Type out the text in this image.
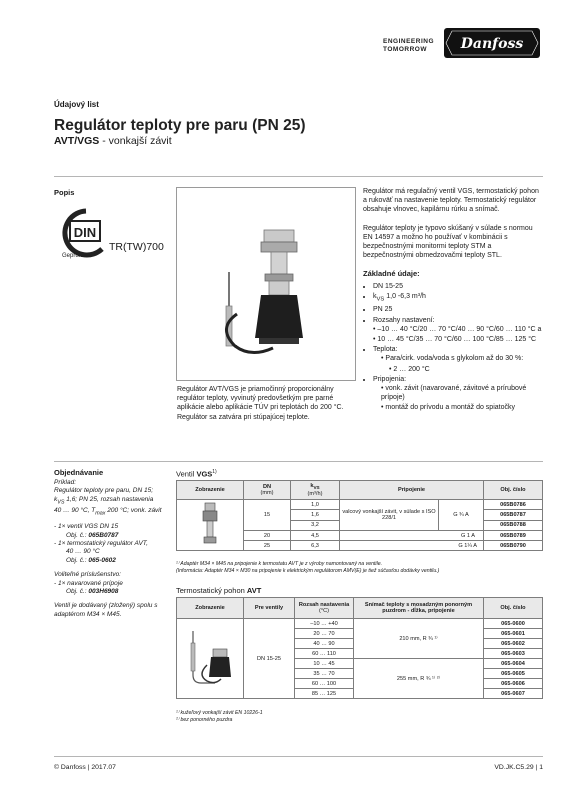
ENGINEERING
TOMORROW	Danfoss
Údajový list
Regulátor teploty pre paru (PN 25)
AVT/VGS - vonkajší závit
Popis
DIN
Geprüft
TR(TW)700
Regulátor AVT/VGS je priamočinný proporcionálny regulátor teploty, vyvinutý predovšetkým pre parné aplikácie alebo aplikácie TÚV pri teplotách do 200 °C. Regulátor sa zatvára pri stúpajúcej teplote.

Regulátor má regulačný ventil VGS, termostatický pohon a rukoväť na nastavenie teploty. Termostatický regulátor obsahuje vlnovec, kapilárnu rúrku a snímač.

Regulátor teploty je typovo skúšaný v súlade s normou EN 14597 a možno ho používať v kombinácii s bezpečnostnými monitormi teploty STM a bezpečnostnými obmedzovačmi teploty STL.

Základné údaje:
• DN 15-25
• $k_{VS}$ 1,0 -6,3 m³/h
• PN 25
• Rozsahy nastavení:
• –10 … 40 °C/20 … 70 °C/40 … 90 °C/60 … 110 °C a
• 10 … 45 °C/35 … 70 °C/60 … 100 °C/85 … 125 °C
• Teplota:
• Para/cirk. voda/voda s glykolom až do 30 %:
• 2 … 200 °C
• Pripojenia:
• vonk. závit (navarované, závitové a prírubové prípoje)
• montáž do prívodu a montáž do spiatočky
Objednávanie

Príklad:
Regulátor teploty pre paru, DN 15;
$k_{VS}$ 1,6; PN 25, rozsah nastavenia 40 … 90 °C, $T_{max}$ 200 °C; vonk. závit

- 1× ventil VGS DN 15
Obj. č.: 065B0787
- 1× termostatický regulátor AVT,
40 … 90 °C
Obj. č.: 065-0602

Voliteľné príslušenstvo:
- 1× navarované prípoje
Obj. č.: 003H6908

Ventil je dodávaný (zložený) spolu s adaptérom M34 × M45.

Ventil VGS$^{1)}$
Zobrazenie	DN
(mm)	$k_{VS}$
(m³/h)	Pripojenie	Obj. číslo
	15	1,0	valcový vonkajší závit, v súlade s ISO 228/1 G ¾ A	065B0786
		1,6		065B0787
		3,2		065B0788
	20	4,5	G 1 A	065B0789
	25	6,3	G 1¼ A	065B0790
¹⁾ Adaptér M34 × M45 na pripojenie k termostatu AVT je z výroby namontovaný na ventile.
(Informácia: Adaptér M34 × M30 na pripojenie k elektrickým regulátorom AMV(E) je tiež súčasťou dodávky ventilu.)
Termostatický pohon AVT
Zobrazenie	Pre ventily	Rozsah nastavenia
(°C)	Snímač teploty s mosadzným ponorným puzdrom - dĺžka, pripojenie	Obj. číslo
	DN 15-25	–10 … +40	210 mm, R ¾ ¹⁾	065-0600
		20 … 70		065-0601
		40 … 90		065-0602
		60 … 110		065-0603
		10 … 45	255 mm, R ¾ ¹⁾ ²⁾	065-0604
		35 … 70		065-0605
		60 … 100		065-0606
		85 … 125		065-0607
¹⁾ kužeľový vonkajší závit EN 10226-1
²⁾ bez ponorného puzdra
© Danfoss | 2017.07	VD.JK.C5.29 | 1
